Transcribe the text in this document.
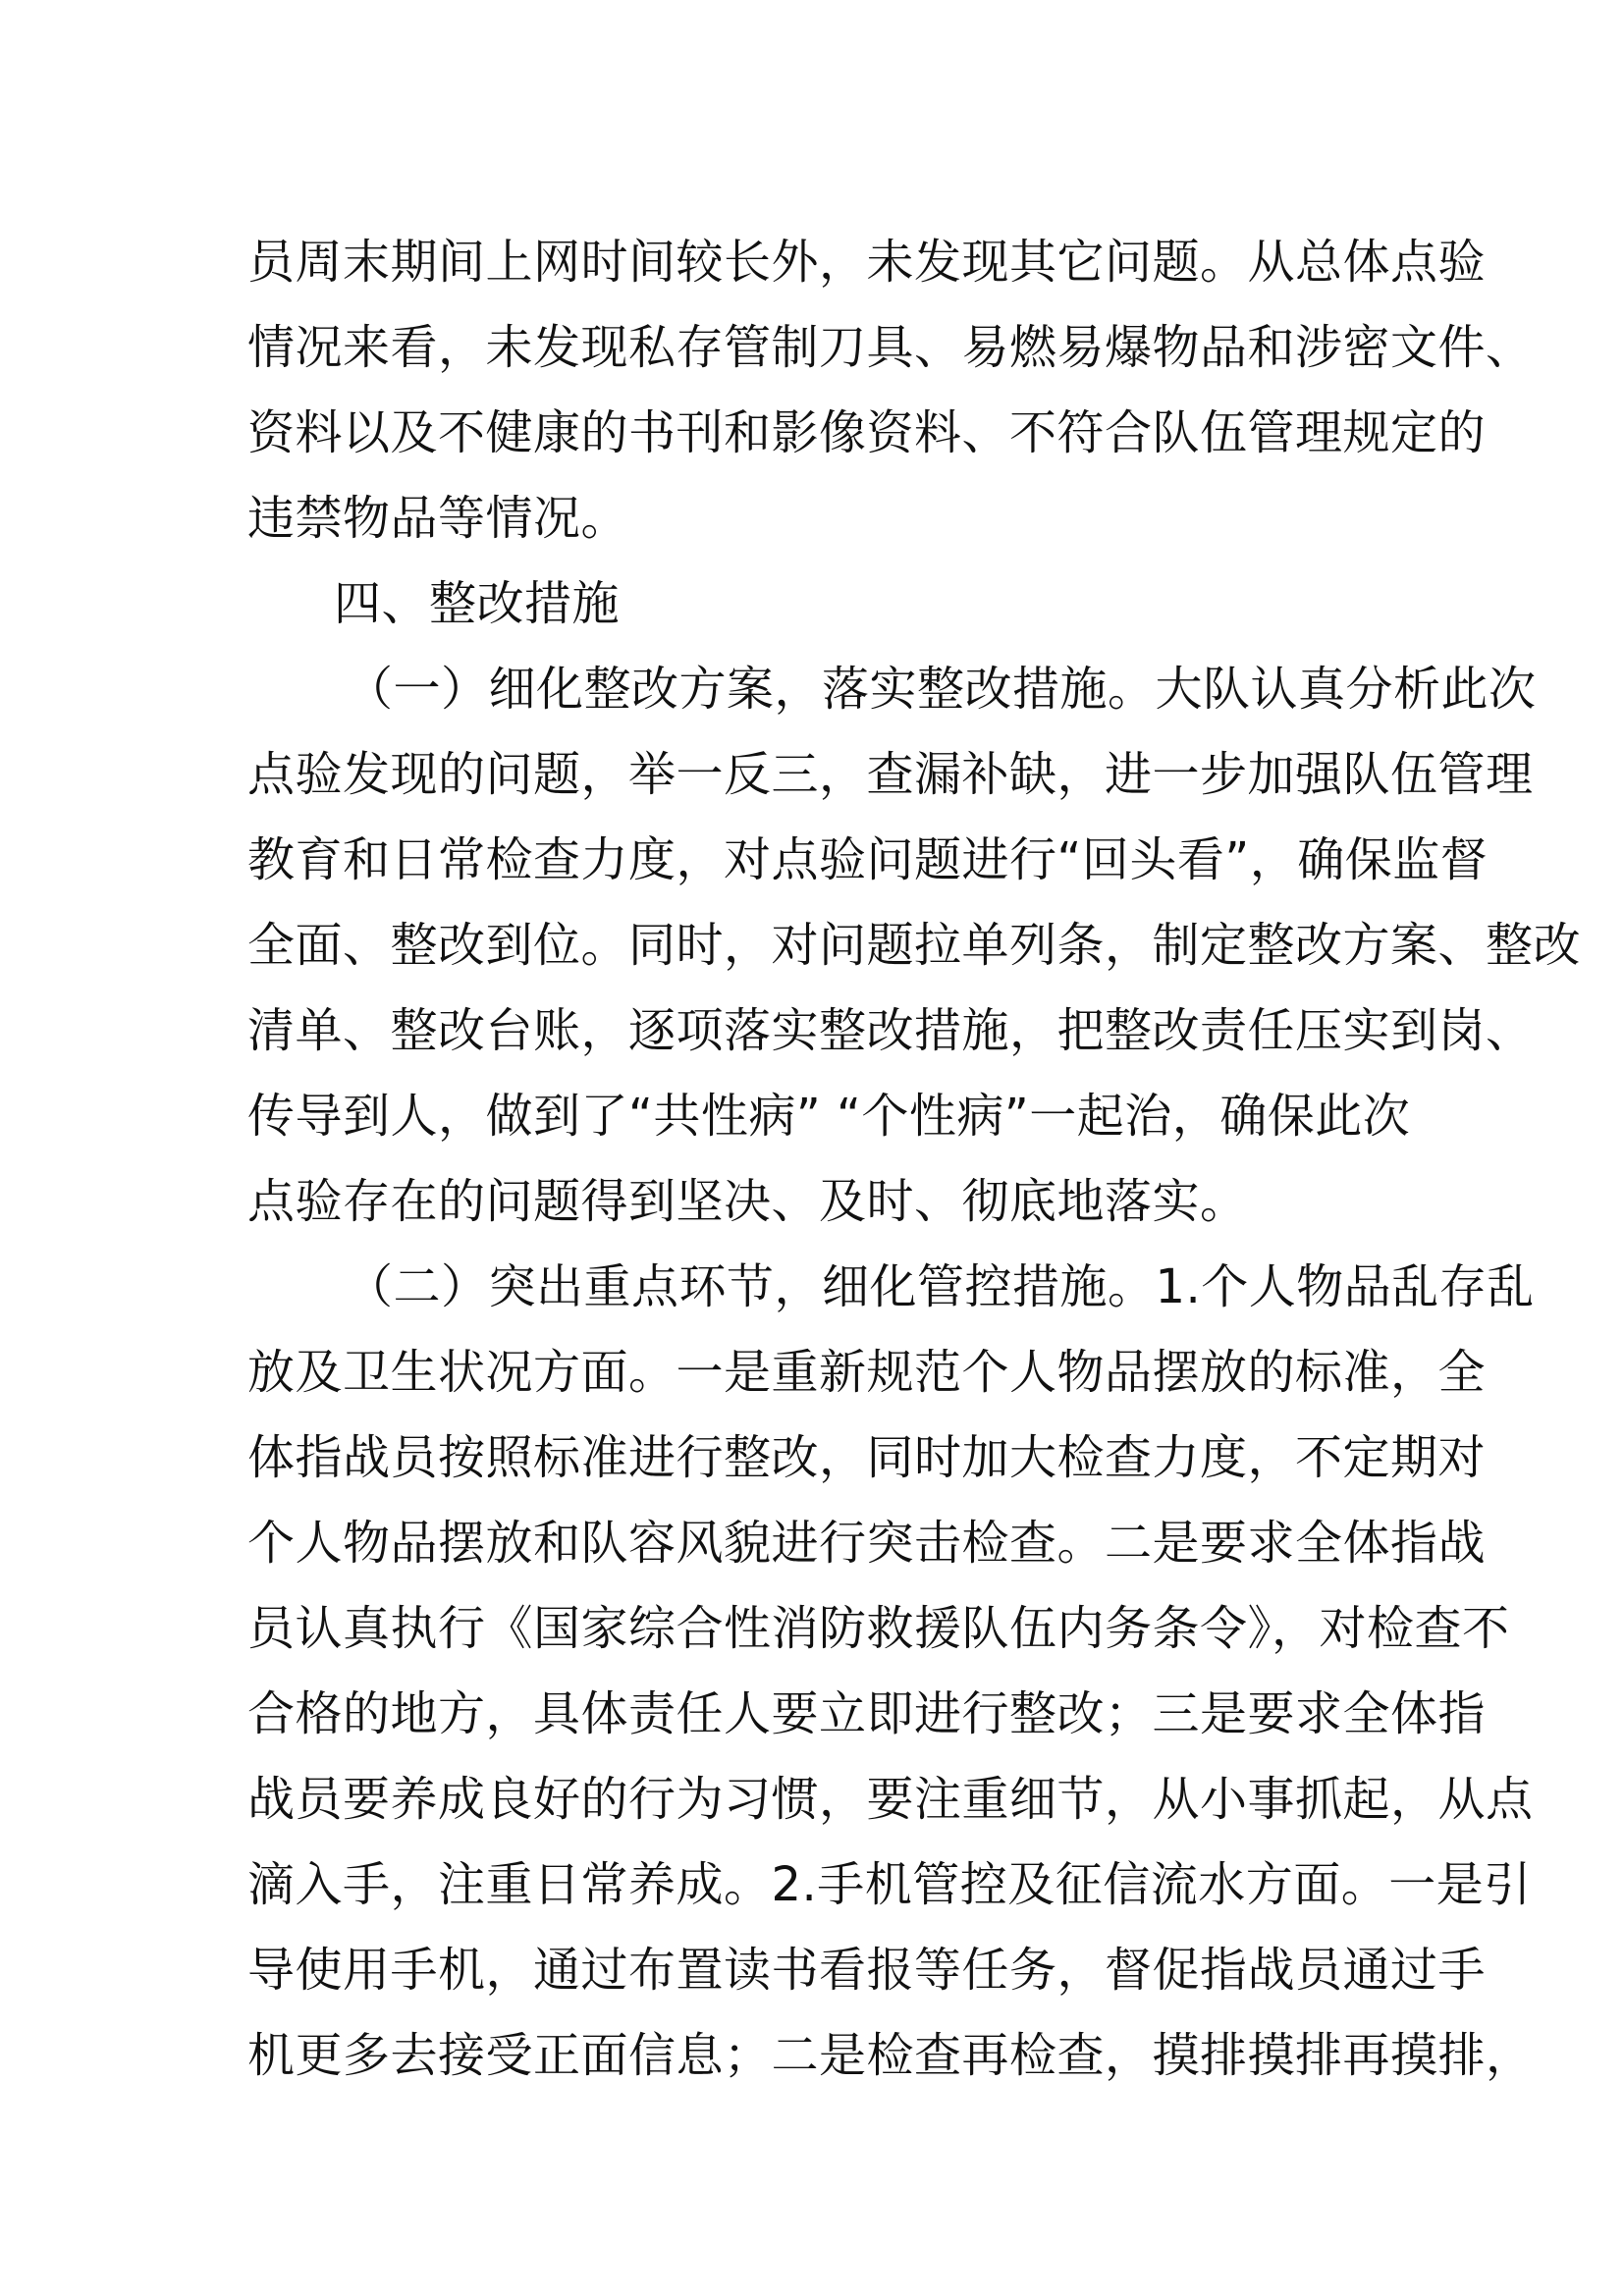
员周末期间上网时间较长外，未发现其它问题。从总体点验
情况来看，未发现私存管制刀具、易燃易爆物品和涉密文件、
资料以及不健康的书刊和影像资料、不符合队伍管理规定的
违禁物品等情况。
四、整改措施
（一）细化整改方案，落实整改措施。大队认真分析此次
点验发现的问题，举一反三，查漏补缺，进一步加强队伍管理
教育和日常检查力度，对点验问题进行“回头看”，确保监督
全面、整改到位。同时，对问题拉单列条，制定整改方案、整改
清单、整改台账，逐项落实整改措施，把整改责任压实到岗、
传导到人，做到了“共性病” “个性病”一起治，确保此次
点验存在的问题得到坚决、及时、彻底地落实。
（二）突出重点环节，细化管控措施。1.个人物品乱存乱
放及卫生状况方面。一是重新规范个人物品摆放的标准，全
体指战员按照标准进行整改，同时加大检查力度，不定期对
个人物品摆放和队容风貌进行突击检查。二是要求全体指战
员认真执行《国家综合性消防救援队伍内务条令》，对检查不
合格的地方，具体责任人要立即进行整改；三是要求全体指
战员要养成良好的行为习惯，要注重细节，从小事抓起，从点
滴入手，注重日常养成。2.手机管控及征信流水方面。一是引
导使用手机，通过布置读书看报等任务，督促指战员通过手
机更多去接受正面信息；二是检查再检查，摸排摸排再摸排，
